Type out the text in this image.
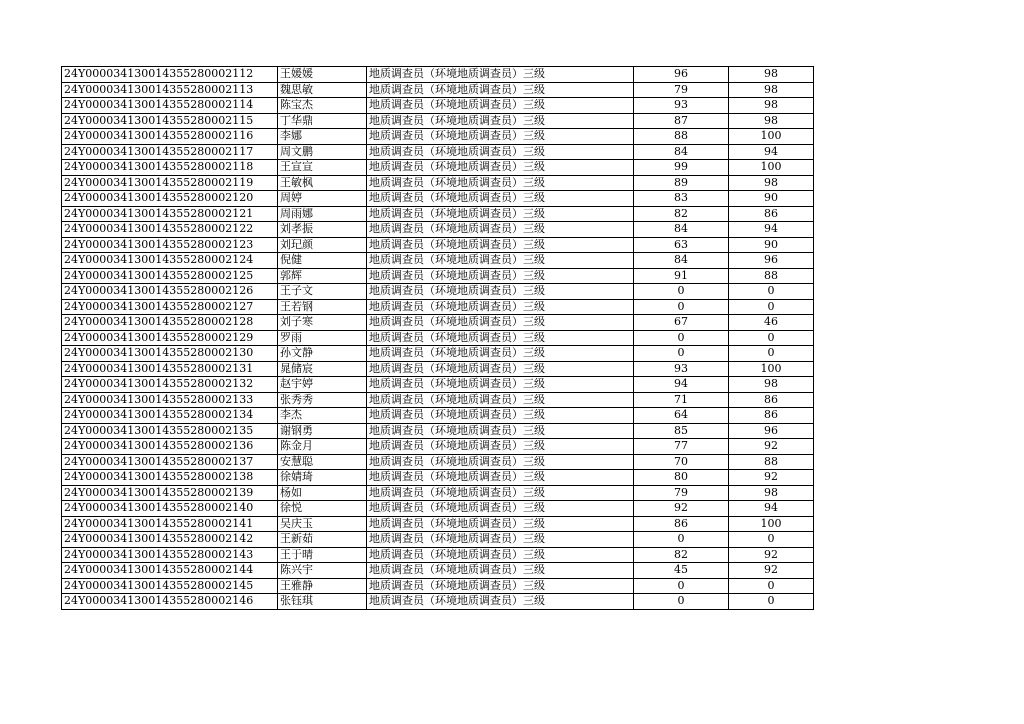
24Y000034130014355280002112	王媛媛	地质调查员（环境地质调查员）三级	96	98
24Y000034130014355280002113	魏思敏	地质调查员（环境地质调查员）三级	79	98
24Y000034130014355280002114	陈宝杰	地质调查员（环境地质调查员）三级	93	98
24Y000034130014355280002115	丁华鼎	地质调查员（环境地质调查员）三级	87	98
24Y000034130014355280002116	李娜	地质调查员（环境地质调查员）三级	88	100
24Y000034130014355280002117	周文鹏	地质调查员（环境地质调查员）三级	84	94
24Y000034130014355280002118	王宣宣	地质调查员（环境地质调查员）三级	99	100
24Y000034130014355280002119	王敏枫	地质调查员（环境地质调查员）三级	89	98
24Y000034130014355280002120	周婷	地质调查员（环境地质调查员）三级	83	90
24Y000034130014355280002121	周雨娜	地质调查员（环境地质调查员）三级	82	86
24Y000034130014355280002122	刘孝振	地质调查员（环境地质调查员）三级	84	94
24Y000034130014355280002123	刘玘颜	地质调查员（环境地质调查员）三级	63	90
24Y000034130014355280002124	倪健	地质调查员（环境地质调查员）三级	84	96
24Y000034130014355280002125	郭辉	地质调查员（环境地质调查员）三级	91	88
24Y000034130014355280002126	王子文	地质调查员（环境地质调查员）三级	0	0
24Y000034130014355280002127	王若钢	地质调查员（环境地质调查员）三级	0	0
24Y000034130014355280002128	刘子寒	地质调查员（环境地质调查员）三级	67	46
24Y000034130014355280002129	罗雨	地质调查员（环境地质调查员）三级	0	0
24Y000034130014355280002130	孙文静	地质调查员（环境地质调查员）三级	0	0
24Y000034130014355280002131	晁储宸	地质调查员（环境地质调查员）三级	93	100
24Y000034130014355280002132	赵宇婷	地质调查员（环境地质调查员）三级	94	98
24Y000034130014355280002133	张秀秀	地质调查员（环境地质调查员）三级	71	86
24Y000034130014355280002134	李杰	地质调查员（环境地质调查员）三级	64	86
24Y000034130014355280002135	谢钢勇	地质调查员（环境地质调查员）三级	85	96
24Y000034130014355280002136	陈金月	地质调查员（环境地质调查员）三级	77	92
24Y000034130014355280002137	安慧聪	地质调查员（环境地质调查员）三级	70	88
24Y000034130014355280002138	徐婧琦	地质调查员（环境地质调查员）三级	80	92
24Y000034130014355280002139	杨如	地质调查员（环境地质调查员）三级	79	98
24Y000034130014355280002140	徐悦	地质调查员（环境地质调查员）三级	92	94
24Y000034130014355280002141	吴庆玉	地质调查员（环境地质调查员）三级	86	100
24Y000034130014355280002142	王新茹	地质调查员（环境地质调查员）三级	0	0
24Y000034130014355280002143	王于晴	地质调查员（环境地质调查员）三级	82	92
24Y000034130014355280002144	陈兴宇	地质调查员（环境地质调查员）三级	45	92
24Y000034130014355280002145	王雅静	地质调查员（环境地质调查员）三级	0	0
24Y000034130014355280002146	张钰琪	地质调查员（环境地质调查员）三级	0	0
